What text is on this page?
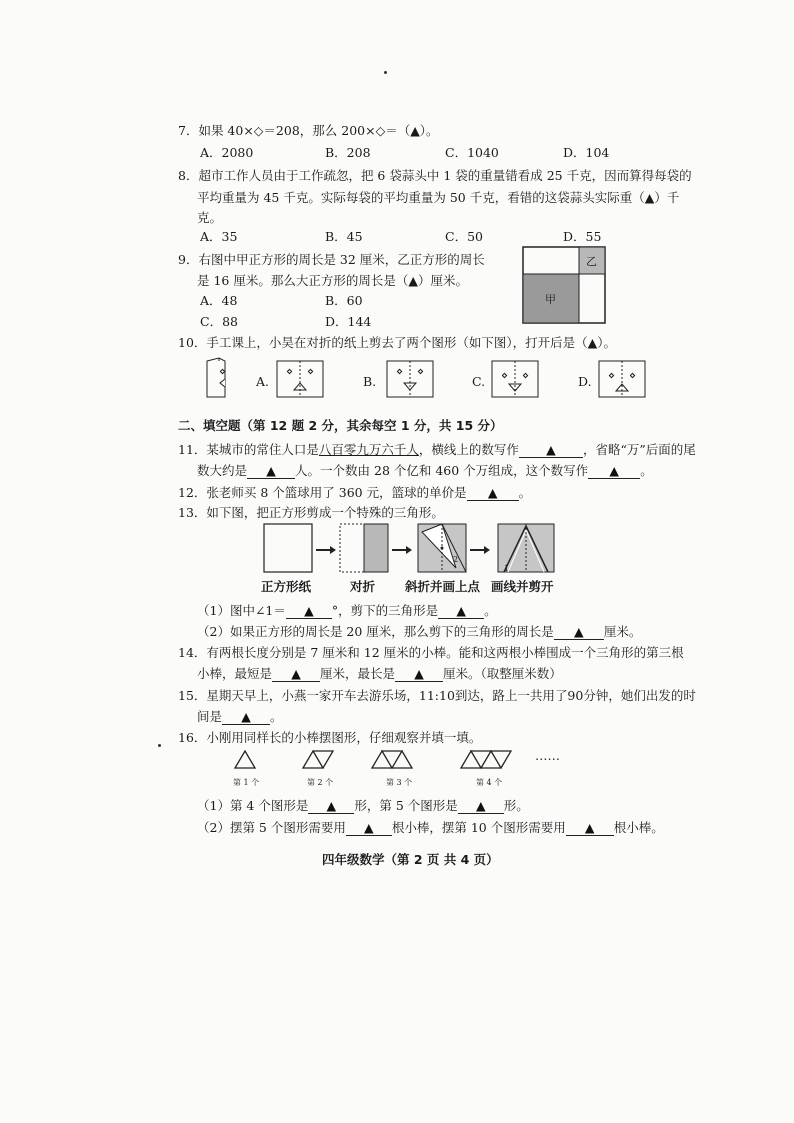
7．如果 40×◇＝208，那么 200×◇＝（▲）。
A．2080	B．208	C．1040	D．104
8．超市工作人员由于工作疏忽，把 6 袋蒜头中 1 袋的重量错看成 25 千克，因而算得每袋的
平均重量为 45 千克。实际每袋的平均重量为 50 千克，看错的这袋蒜头实际重（▲）千
克。
A．35	B．45	C．50	D．55
9．右图中甲正方形的周长是 32 厘米，乙正方形的周长
是 16 厘米。那么大正方形的周长是（▲）厘米。
A．48	B．60
C．88	D．144
甲
乙
10．手工课上，小昊在对折的纸上剪去了两个图形（如下图），打开后是（▲）。
A.	B.	C.	D.
二、填空题（第 12 题 2 分，其余每空 1 分，共 15 分）
11．某城市的常住人口是八百零九万六千人，横线上的数写作 ▲ ，省略“万”后面的尾
数大约是 ▲ 人。一个数由 28 个亿和 460 个万组成，这个数写作 ▲ 。
12．张老师买 8 个篮球用了 360 元，篮球的单价是 ▲ 。
13．如下图，把正方形剪成一个特殊的三角形。
2
1
正方形纸	对折 斜折并画上点 画线并剪开
（1）图中∠1＝ ▲ °，剪下的三角形是 ▲ 。
（2）如果正方形的周长是 20 厘米，那么剪下的三角形的周长是 ▲ 厘米。
14．有两根长度分别是 7 厘米和 12 厘米的小棒。能和这两根小棒围成一个三角形的第三根
小棒，最短是 ▲ 厘米，最长是 ▲ 厘米。（取整厘米数）
15．星期天早上，小燕一家开车去游乐场，11:10到达，路上一共用了90分钟，她们出发的时
间是 ▲ 。
16．小刚用同样长的小棒摆图形，仔细观察并填一填。
……
第 1 个	第 2 个	第 3 个	第 4 个
（1）第 4 个图形是 ▲ 形，第 5 个图形是 ▲ 形。
（2）摆第 5 个图形需要用 ▲ 根小棒，摆第 10 个图形需要用 ▲ 根小棒。
四年级数学（第 2 页 共 4 页）
